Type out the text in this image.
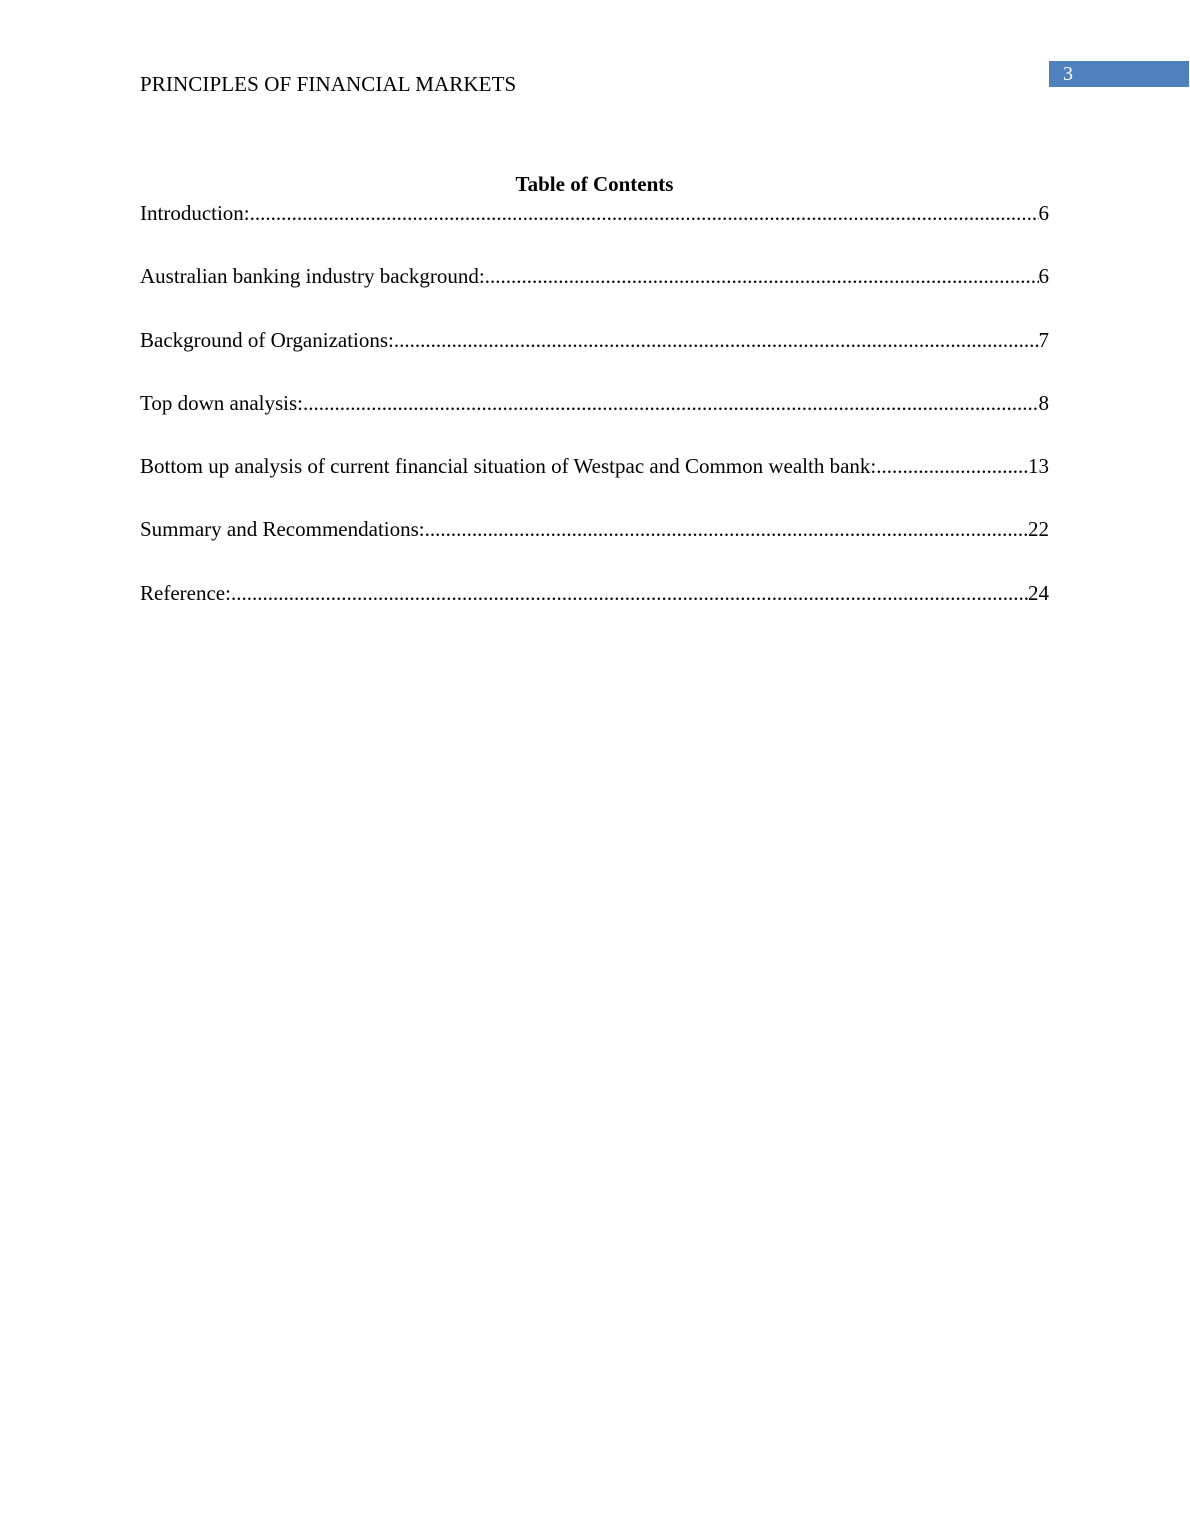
3
PRINCIPLES OF FINANCIAL MARKETS
Table of Contents
Introduction: .....	6
Australian banking industry background: .....	6
Background of Organizations: .....	7
Top down analysis: .....	8
Bottom up analysis of current financial situation of Westpac and Common wealth bank: .....	13
Summary and Recommendations: .....	22
Reference: .....	24
